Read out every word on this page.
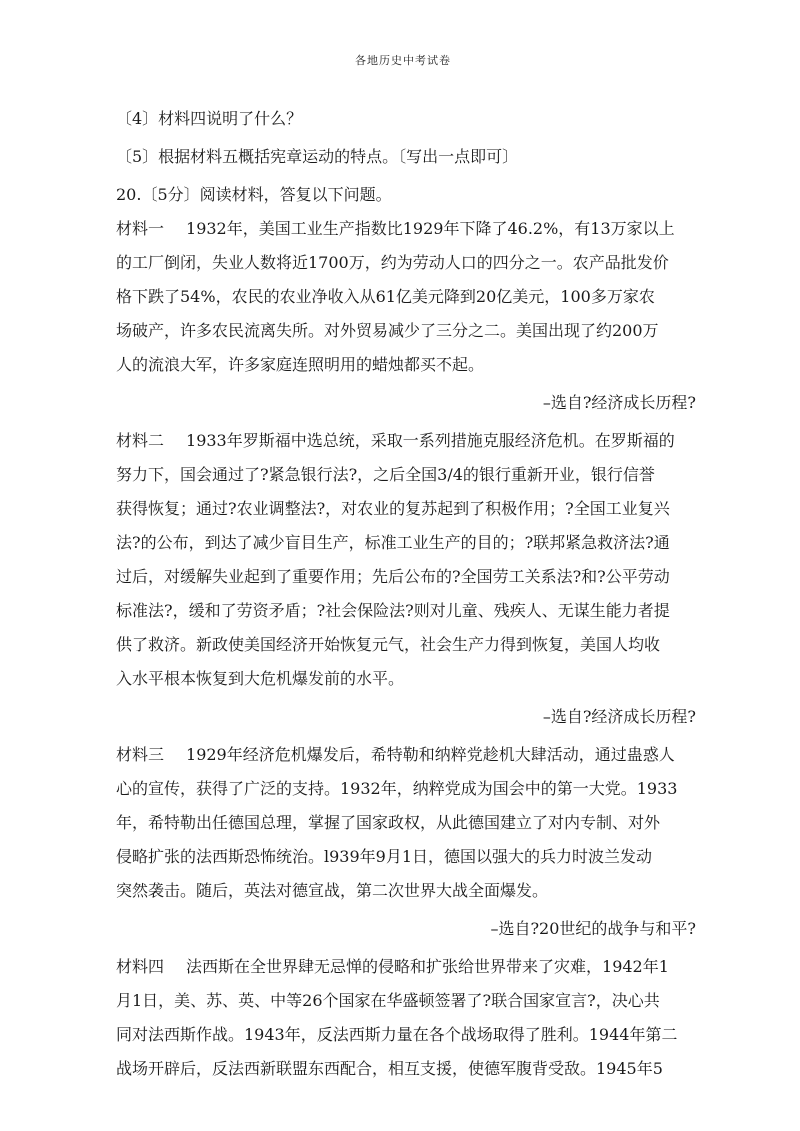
各地历史中考试卷

〔4〕材料四说明了什么？

〔5〕根据材料五概括宪章运动的特点。〔写出一点即可〕

20.〔5分〕阅读材料，答复以下问题。

材料一 1932年，美国工业生产指数比1929年下降了46.2%，有13万家以上
的工厂倒闭，失业人数将近1700万，约为劳动人口的四分之一。农产品批发价
格下跌了54%，农民的农业净收入从61亿美元降到20亿美元，100多万家农
场破产，许多农民流离失所。对外贸易减少了三分之二。美国出现了约200万
人的流浪大军，许多家庭连照明用的蜡烛都买不起。
–选自?经济成长历程?
材料二 1933年罗斯福中选总统，采取一系列措施克服经济危机。在罗斯福的
努力下，国会通过了?紧急银行法?，之后全国3/4的银行重新开业，银行信誉
获得恢复；通过?农业调整法?，对农业的复苏起到了积极作用；?全国工业复兴
法?的公布，到达了减少盲目生产，标准工业生产的目的；?联邦紧急救济法?通
过后，对缓解失业起到了重要作用；先后公布的?全国劳工关系法?和?公平劳动
标准法?，缓和了劳资矛盾；?社会保险法?则对儿童、残疾人、无谋生能力者提
供了救济。新政使美国经济开始恢复元气，社会生产力得到恢复，美国人均收
入水平根本恢复到大危机爆发前的水平。
–选自?经济成长历程?
材料三 1929年经济危机爆发后，希特勒和纳粹党趁机大肆活动，通过蛊惑人
心的宣传，获得了广泛的支持。1932年，纳粹党成为国会中的第一大党。1933
年，希特勒出任德国总理，掌握了国家政权，从此德国建立了对内专制、对外
侵略扩张的法西斯恐怖统治。l939年9月1日，德国以强大的兵力时波兰发动
突然袭击。随后，英法对德宣战，第二次世界大战全面爆发。
–选自?20世纪的战争与和平?
材料四 法西斯在全世界肆无忌惮的侵略和扩张给世界带来了灾难，1942年1
月1日，美、苏、英、中等26个国家在华盛顿签署了?联合国家宣言?，决心共
同对法西斯作战。1943年，反法西斯力量在各个战场取得了胜利。1944年第二
战场开辟后，反法西新联盟东西配合，相互支援，使德军腹背受敌。1945年5
